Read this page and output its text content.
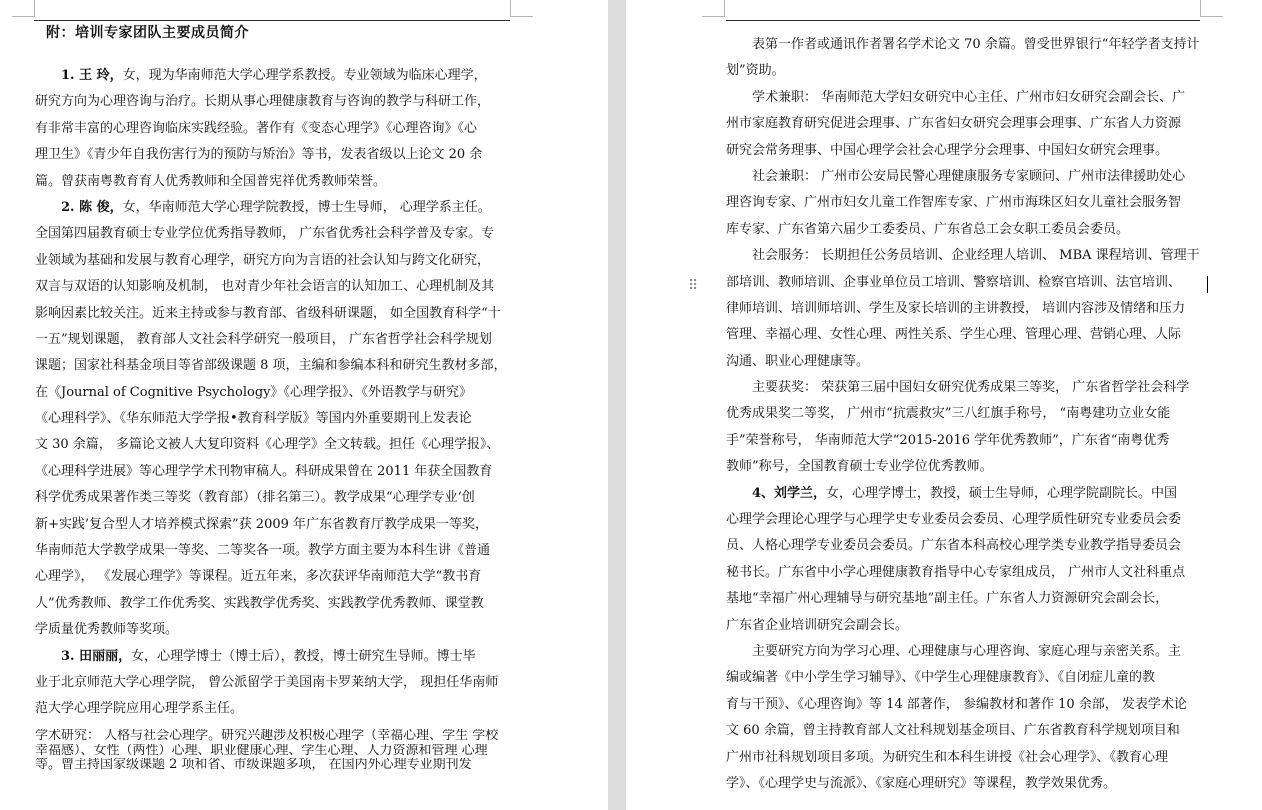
附：培训专家团队主要成员简介
1. 王 玲，女，现为华南师范大学心理学系教授。专业领域为临床心理学，
研究方向为心理咨询与治疗。长期从事心理健康教育与咨询的教学与科研工作，
有非常丰富的心理咨询临床实践经验。著作有《变态心理学》《心理咨询》《心
理卫生》《青少年自我伤害行为的预防与矫治》等书，发表省级以上论文 20 余
篇。曾获南粤教育育人优秀教师和全国普宪祥优秀教师荣誉。
2. 陈 俊，女，华南师范大学心理学院教授，博士生导师， 心理学系主任。
全国第四届教育硕士专业学位优秀指导教师， 广东省优秀社会科学普及专家。专
业领域为基础和发展与教育心理学，研究方向为言语的社会认知与跨文化研究，
双言与双语的认知影响及机制， 也对青少年社会语言的认知加工、心理机制及其
影响因素比较关注。近来主持或参与教育部、省级科研课题， 如全国教育科学“十
一五”规划课题， 教育部人文社会科学研究一般项目， 广东省哲学社会科学规划
课题；国家社科基金项目等省部级课题 8 项，主编和参编本科和研究生教材多部，
在《Journal of Cognitive Psychology》《心理学报》、《外语教学与研究》
《心理科学》、《华东师范大学学报•教育科学版》等国内外重要期刊上发表论
文 30 余篇， 多篇论文被人大复印资料《心理学》全文转载。担任《心理学报》、
《心理科学进展》等心理学学术刊物审稿人。科研成果曾在 2011 年获全国教育
科学优秀成果著作类三等奖（教育部）（排名第三）。教学成果“心理学专业‘创
新+实践’复合型人才培养模式探索”获 2009 年广东省教育厅教学成果一等奖，
华南师范大学教学成果一等奖、二等奖各一项。教学方面主要为本科生讲《普通
心理学》， 《发展心理学》等课程。近五年来，多次获评华南师范大学“教书育
人”优秀教师、教学工作优秀奖、实践教学优秀奖、实践教学优秀教师、课堂教
学质量优秀教师等奖项。
3. 田丽丽，女，心理学博士（博士后），教授，博士研究生导师。博士毕
业于北京师范大学心理学院， 曾公派留学于美国南卡罗莱纳大学， 现担任华南师
范大学心理学院应用心理学系主任。
学术研究： 人格与社会心理学。研究兴趣涉及积极心理学（幸福心理、学生 学校
幸福感）、女性（两性）心理、职业健康心理、学生心理、人力资源和管理 心理
等。曾主持国家级课题 2 项和省、市级课题多项， 在国内外心理专业期刊发
表第一作者或通讯作者署名学术论文 70 余篇。曾受世界银行“年轻学者支持计
划”资助。
学术兼职： 华南师范大学妇女研究中心主任、广州市妇女研究会副会长、广
州市家庭教育研究促进会理事、广东省妇女研究会理事会理事、广东省人力资源
研究会常务理事、中国心理学会社会心理学分会理事、中国妇女研究会理事。
社会兼职： 广州市公安局民警心理健康服务专家顾问、广州市法律援助处心
理咨询专家、广州市妇女儿童工作智库专家、广州市海珠区妇女儿童社会服务智
库专家、广东省第六届少工委委员、广东省总工会女职工委员会委员。
社会服务： 长期担任公务员培训、企业经理人培训、 MBA 课程培训、管理干
部培训、教师培训、企事业单位员工培训、警察培训、检察官培训、法官培训、
律师培训、培训师培训、学生及家长培训的主讲教授， 培训内容涉及情绪和压力
管理、幸福心理、女性心理、两性关系、学生心理、管理心理、营销心理、人际
沟通、职业心理健康等。
主要获奖： 荣获第三届中国妇女研究优秀成果三等奖， 广东省哲学社会科学
优秀成果奖二等奖， 广州市“抗震救灾”三八红旗手称号， “南粤建功立业女能
手”荣誉称号， 华南师范大学“2015-2016 学年优秀教师”，广东省“南粤优秀
教师”称号，全国教育硕士专业学位优秀教师。
4、刘学兰，女，心理学博士，教授，硕士生导师，心理学院副院长。中国
心理学会理论心理学与心理学史专业委员会委员、心理学质性研究专业委员会委
员、人格心理学专业委员会委员。广东省本科高校心理学类专业教学指导委员会
秘书长。广东省中小学心理健康教育指导中心专家组成员， 广州市人文社科重点
基地“幸福广州心理辅导与研究基地”副主任。广东省人力资源研究会副会长，
广东省企业培训研究会副会长。
主要研究方向为学习心理、心理健康与心理咨询、家庭心理与亲密关系。主
编或编著《中小学生学习辅导》、《中学生心理健康教育》、《自闭症儿童的教
育与干预》、《心理咨询》等 14 部著作， 参编教材和著作 10 余部， 发表学术论
文 60 余篇，曾主持教育部人文社科规划基金项目、广东省教育科学规划项目和
广州市社科规划项目多项。为研究生和本科生讲授《社会心理学》、《教育心理
学》、《心理学史与流派》、《家庭心理研究》等课程，教学效果优秀。
⠿
